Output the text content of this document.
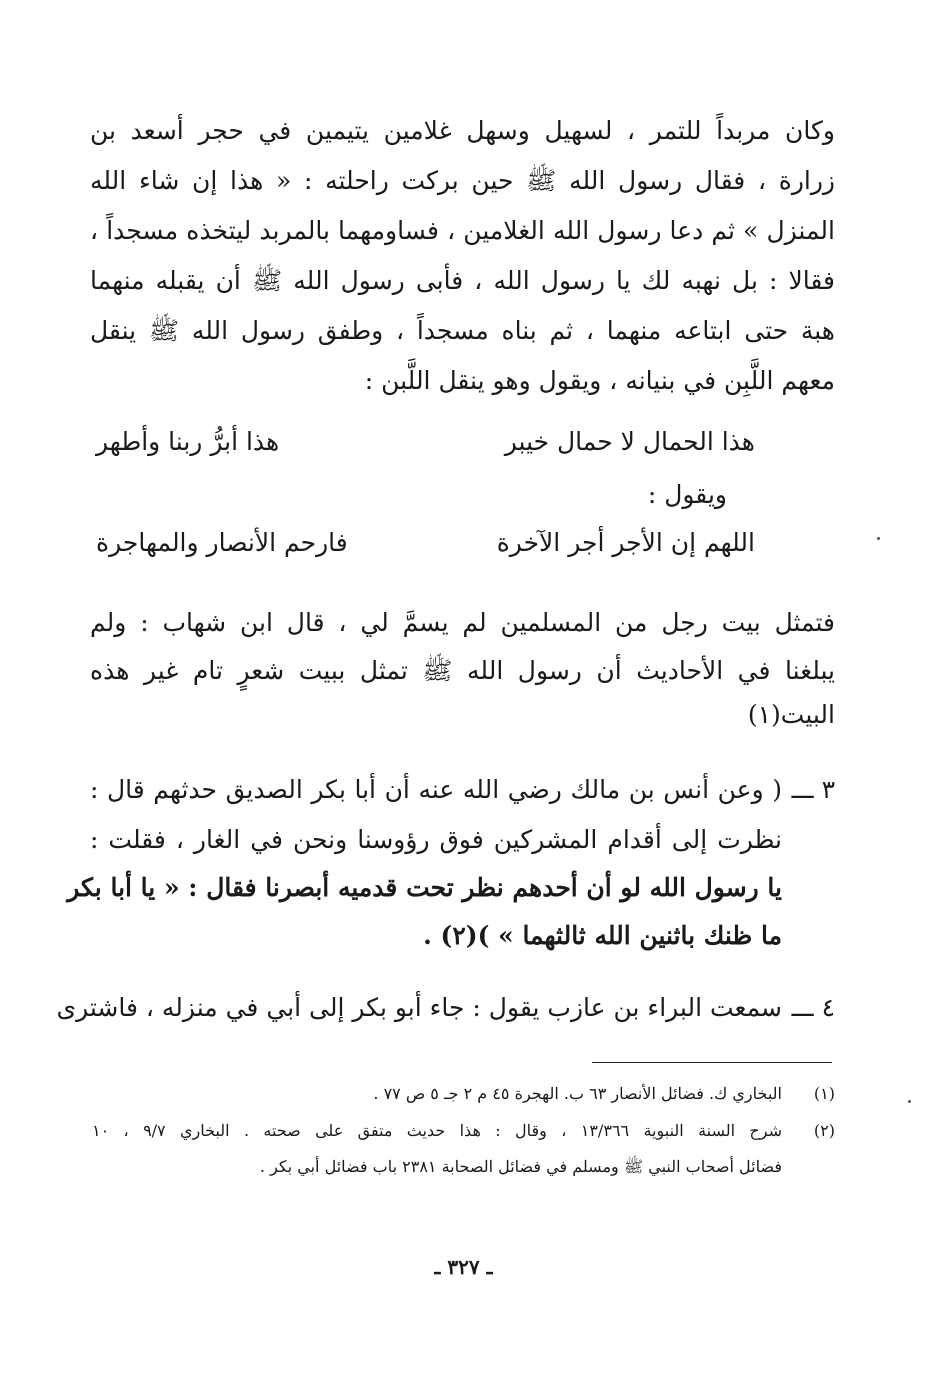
وكان مربداً للتمر ، لسهيل وسهل غلامين يتيمين في حجر أسعد بن
زرارة ، فقال رسول الله ﷺ حين بركت راحلته : « هذا إن شاء الله
المنزل » ثم دعا رسول الله الغلامين ، فساومهما بالمربد ليتخذه مسجداً ،
فقالا : بل نهبه لك يا رسول الله ، فأبى رسول الله ﷺ أن يقبله منهما
هبة حتى ابتاعه منهما ، ثم بناه مسجداً ، وطفق رسول الله ﷺ ينقل
معهم اللَّبِن في بنيانه ، ويقول وهو ينقل اللَّبن :
هذا الحمال لا حمال خيبر
هذا أبرُّ ربنا وأطهر
ويقول :
اللهم إن الأجر أجر الآخرة
فارحم الأنصار والمهاجرة
فتمثل بيت رجل من المسلمين لم يسمَّ لي ، قال ابن شهاب : ولم
يبلغنا في الأحاديث أن رسول الله ﷺ تمثل ببيت شعرٍ تام غير هذه
البيت(١)
٣ ـــ
( وعن أنس بن مالك رضي الله عنه أن أبا بكر الصديق حدثهم قال :
نظرت إلى أقدام المشركين فوق رؤوسنا ونحن في الغار ، فقلت :
يا رسول الله لو أن أحدهم نظر تحت قدميه أبصرنا فقال : « يا أبا بكر
ما ظنك باثنين الله ثالثهما » )(٢) .
٤ ـــ
سمعت البراء بن عازب يقول : جاء أبو بكر إلى أبي في منزله ، فاشترى
(١)
البخاري ك. فضائل الأنصار ٦٣ ب. الهجرة ٤٥ م ٢ جـ ٥ ص ٧٧ .
(٢)
شرح السنة النبوية ١٣/٣٦٦ ، وقال : هذا حديث متفق على صحته . البخاري ٩/٧ ، ١٠
فضائل أصحاب النبي ﷺ ومسلم في فضائل الصحابة ٢٣٨١ باب فضائل أبي بكر .
ـ ٣٢٧ ـ
